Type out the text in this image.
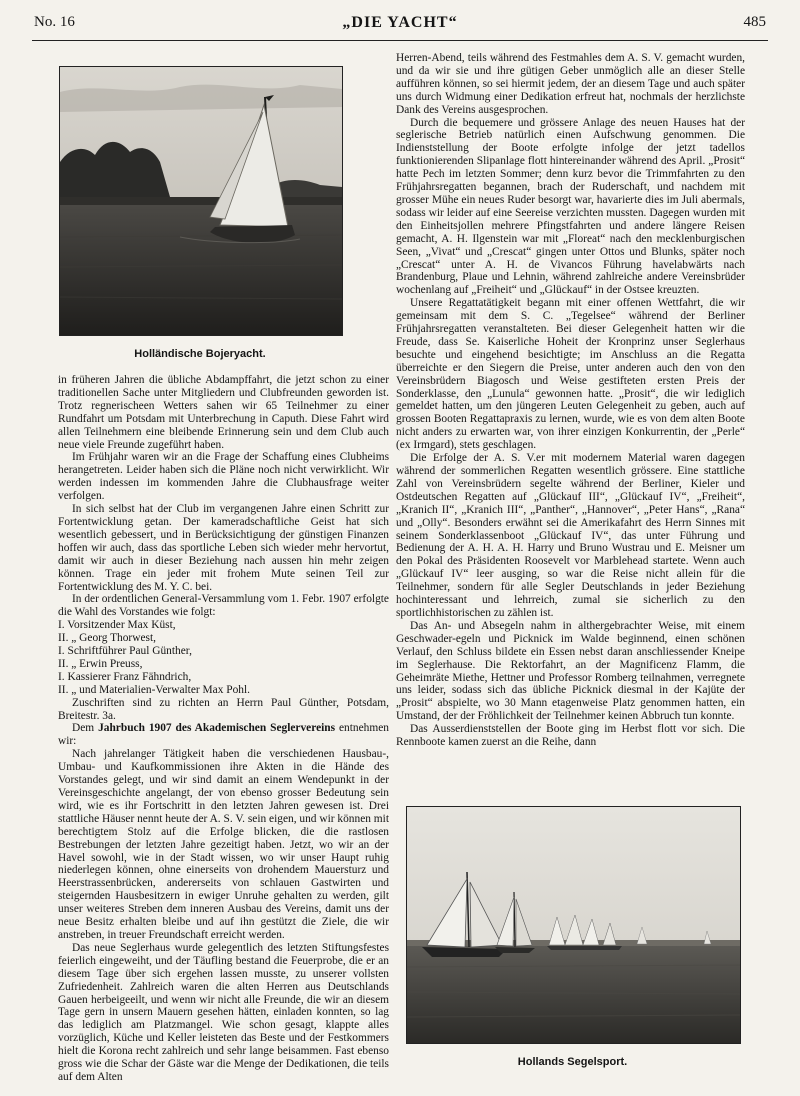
No. 16	„DIE YACHT“	485
Holländische Bojeryacht.

in früheren Jahren die übliche Abdampffahrt, die jetzt schon zu einer traditionellen Sache unter Mitgliedern und Clubfreunden geworden ist. Trotz regnerischeen Wetters sahen wir 65 Teilnehmer zu einer Rundfahrt um Potsdam mit Unterbrechung in Caputh. Diese Fahrt wird allen Teilnehmern eine bleibende Erinnerung sein und dem Club auch neue viele Freunde zugeführt haben.

Im Frühjahr waren wir an die Frage der Schaffung eines Clubheims herangetreten. Leider haben sich die Pläne noch nicht verwirklicht. Wir werden indessen im kommenden Jahre die Clubhausfrage weiter verfolgen.

In sich selbst hat der Club im vergangenen Jahre einen Schritt zur Fortentwicklung getan. Der kameradschaftliche Geist hat sich wesentlich gebessert, und in Berücksichtigung der günstigen Finanzen hoffen wir auch, dass das sportliche Leben sich wieder mehr hervortut, damit wir auch in dieser Beziehung nach aussen hin mehr zeigen können. Trage ein jeder mit frohem Mute seinen Teil zur Fortentwicklung des M. Y. C. bei.

In der ordentlichen General-Versammlung vom 1. Febr. 1907 erfolgte die Wahl des Vorstandes wie folgt:

I. Vorsitzender Max Küst,
II. „ Georg Thorwest,
I. Schriftführer Paul Günther,
II. „ Erwin Preuss,
I. Kassierer Franz Fähndrich,
II. „ und Materialien-Verwalter Max Pohl.

Zuschriften sind zu richten an Herrn Paul Günther, Potsdam, Breitestr. 3a.

Dem Jahrbuch 1907 des Akademischen Seglervereins entnehmen wir:

Nach jahrelanger Tätigkeit haben die verschiedenen Hausbau-, Umbau- und Kaufkommissionen ihre Akten in die Hände des Vorstandes gelegt, und wir sind damit an einem Wendepunkt in der Vereinsgeschichte angelangt, der von ebenso grosser Bedeutung sein wird, wie es ihr Fortschritt in den letzten Jahren gewesen ist. Drei stattliche Häuser nennt heute der A. S. V. sein eigen, und wir können mit berechtigtem Stolz auf die Erfolge blicken, die die rastlosen Bestrebungen der letzten Jahre gezeitigt haben. Jetzt, wo wir an der Havel sowohl, wie in der Stadt wissen, wo wir unser Haupt ruhig niederlegen können, ohne einerseits von drohendem Mauersturz und Heerstrassenbrücken, andererseits von schlauen Gastwirten und steigernden Hausbesitzern in ewiger Unruhe gehalten zu werden, gilt unser weiteres Streben dem inneren Ausbau des Vereins, damit uns der neue Besitz erhalten bleibe und auf ihn gestützt die Ziele, die wir anstreben, in treuer Freundschaft erreicht werden.

Das neue Seglerhaus wurde gelegentlich des letzten Stiftungsfestes feierlich eingeweiht, und der Täufling bestand die Feuerprobe, die er an diesem Tage über sich ergehen lassen musste, zu unserer vollsten Zufriedenheit. Zahlreich waren die alten Herren aus Deutschlands Gauen herbeigeeilt, und wenn wir nicht alle Freunde, die wir an diesem Tage gern in unsern Mauern gesehen hätten, einladen konnten, so lag das lediglich am Platzmangel. Wie schon gesagt, klappte alles vorzüglich, Küche und Keller leisteten das Beste und der Festkommers hielt die Korona recht zahlreich und sehr lange beisammen. Fast ebenso gross wie die Schar der Gäste war die Menge der Dedikationen, die teils auf dem Alten

Herren-Abend, teils während des Festmahles dem A. S. V. gemacht wurden, und da wir sie und ihre gütigen Geber unmöglich alle an dieser Stelle aufführen können, so sei hiermit jedem, der an diesem Tage und auch später uns durch Widmung einer Dedikation erfreut hat, nochmals der herzlichste Dank des Vereins ausgesprochen.

Durch die bequemere und grössere Anlage des neuen Hauses hat der seglerische Betrieb natürlich einen Aufschwung genommen. Die Indienststellung der Boote erfolgte infolge der jetzt tadellos funktionierenden Slipanlage flott hintereinander während des April. „Prosit“ hatte Pech im letzten Sommer; denn kurz bevor die Trimmfahrten zu den Frühjahrsregatten begannen, brach der Ruderschaft, und nachdem mit grosser Mühe ein neues Ruder besorgt war, havarierte dies im Juli abermals, sodass wir leider auf eine Seereise verzichten mussten. Dagegen wurden mit den Einheitsjollen mehrere Pfingstfahrten und andere längere Reisen gemacht, A. H. Ilgenstein war mit „Floreat“ nach den mecklenburgischen Seen, „Vivat“ und „Crescat“ gingen unter Ottos und Blunks, später noch „Crescat“ unter A. H. de Vivancos Führung havelabwärts nach Brandenburg, Plaue und Lehnin, während zahlreiche andere Vereinsbrüder wochenlang auf „Freiheit“ und „Glückauf“ in der Ostsee kreuzten.

Unsere Regattatätigkeit begann mit einer offenen Wettfahrt, die wir gemeinsam mit dem S. C. „Tegelsee“ während der Berliner Frühjahrsregatten veranstalteten. Bei dieser Gelegenheit hatten wir die Freude, dass Se. Kaiserliche Hoheit der Kronprinz unser Seglerhaus besuchte und eingehend besichtigte; im Anschluss an die Regatta überreichte er den Siegern die Preise, unter anderen auch den von den Vereinsbrüdern Biagosch und Weise gestifteten ersten Preis der Sonderklasse, den „Lunula“ gewonnen hatte. „Prosit“, die wir lediglich gemeldet hatten, um den jüngeren Leuten Gelegenheit zu geben, auch auf grossen Booten Regattapraxis zu lernen, wurde, wie es von dem alten Boote nicht anders zu erwarten war, von ihrer einzigen Konkurrentin, der „Perle“ (ex Irmgard), stets geschlagen.

Die Erfolge der A. S. V.er mit modernem Material waren dagegen während der sommerlichen Regatten wesentlich grössere. Eine stattliche Zahl von Vereinsbrüdern segelte während der Berliner, Kieler und Ostdeutschen Regatten auf „Glückauf III“, „Glückauf IV“, „Freiheit“, „Kranich II“, „Kranich III“, „Panther“, „Hannover“, „Peter Hans“, „Rana“ und „Olly“. Besonders erwähnt sei die Amerikafahrt des Herrn Sinnes mit seinem Sonderklassenboot „Glückauf IV“, das unter Führung und Bedienung der A. H. A. H. Harry und Bruno Wustrau und E. Meisner um den Pokal des Präsidenten Roosevelt vor Marblehead startete. Wenn auch „Glückauf IV“ leer ausging, so war die Reise nicht allein für die Teilnehmer, sondern für alle Segler Deutschlands in jeder Beziehung hochinteressant und lehrreich, zumal sie sicherlich zu den sportlichhistorischen zu zählen ist.

Das An- und Absegeln nahm in althergebrachter Weise, mit einem Geschwader-egeln und Picknick im Walde beginnend, einen schönen Verlauf, den Schluss bildete ein Essen nebst daran anschliessender Kneipe im Seglerhause. Die Rektorfahrt, an der Magnificenz Flamm, die Geheimräte Miethe, Hettner und Professor Romberg teilnahmen, verregnete uns leider, sodass sich das übliche Picknick diesmal in der Kajüte der „Prosit“ abspielte, wo 30 Mann etagenweise Platz genommen hatten, ein Umstand, der der Fröhlichkeit der Teilnehmer keinen Abbruch tun konnte.

Das Ausserdienststellen der Boote ging im Herbst flott vor sich. Die Rennboote kamen zuerst an die Reihe, dann

Hollands Segelsport.
